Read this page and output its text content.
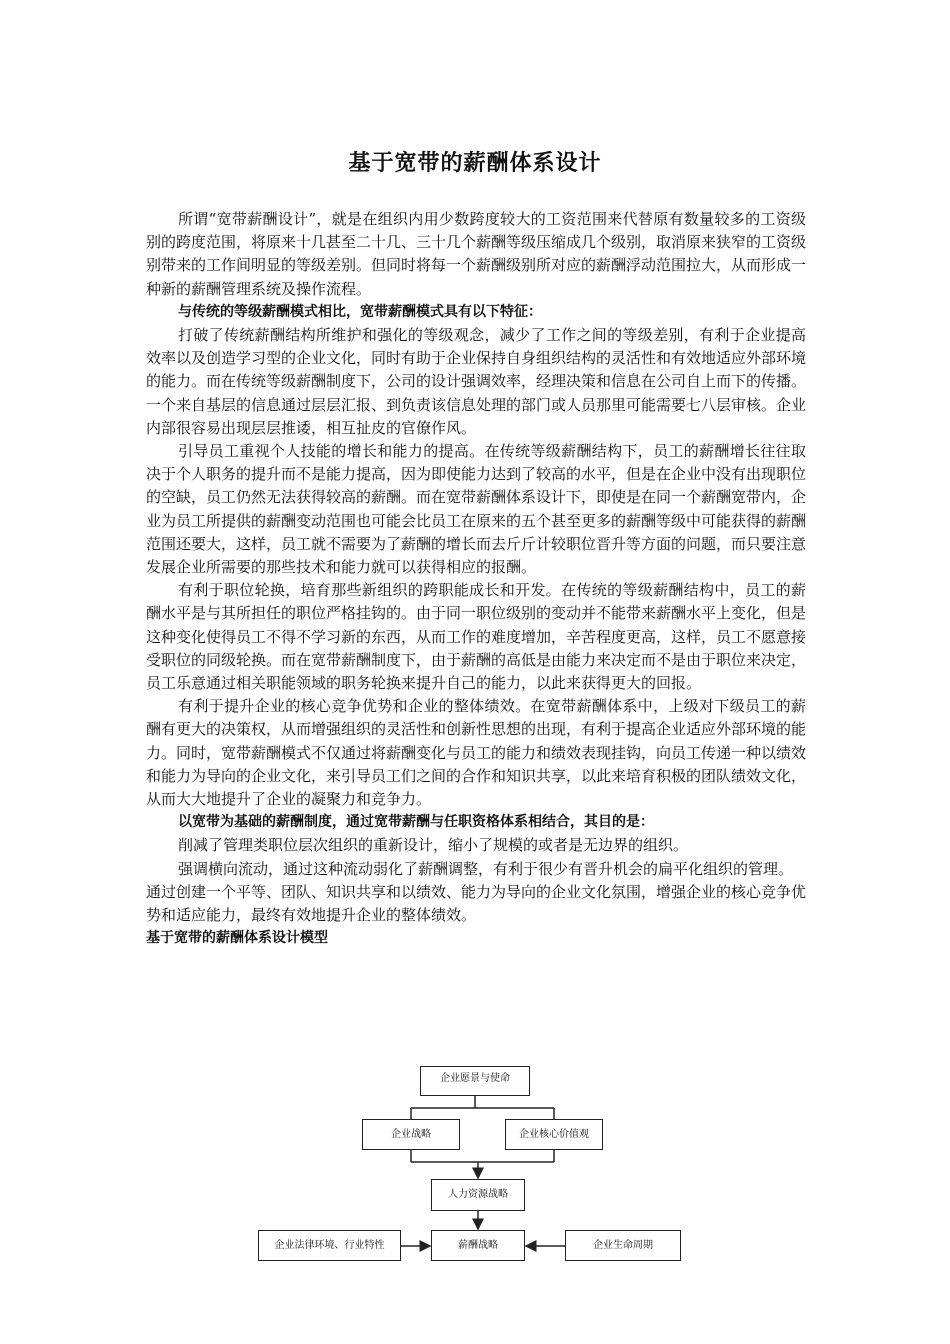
基于宽带的薪酬体系设计

所谓“宽带薪酬设计”，就是在组织内用少数跨度较大的工资范围来代替原有数量较多的工资级别的跨度范围，将原来十几甚至二十几、三十几个薪酬等级压缩成几个级别，取消原来狭窄的工资级别带来的工作间明显的等级差别。但同时将每一个薪酬级别所对应的薪酬浮动范围拉大，从而形成一种新的薪酬管理系统及操作流程。

与传统的等级薪酬模式相比，宽带薪酬模式具有以下特征：

打破了传统薪酬结构所维护和强化的等级观念，减少了工作之间的等级差别，有利于企业提高效率以及创造学习型的企业文化，同时有助于企业保持自身组织结构的灵活性和有效地适应外部环境的能力。而在传统等级薪酬制度下，公司的设计强调效率，经理决策和信息在公司自上而下的传播。一个来自基层的信息通过层层汇报、到负责该信息处理的部门或人员那里可能需要七八层审核。企业内部很容易出现层层推诿，相互扯皮的官僚作风。

引导员工重视个人技能的增长和能力的提高。在传统等级薪酬结构下，员工的薪酬增长往往取决于个人职务的提升而不是能力提高，因为即使能力达到了较高的水平，但是在企业中没有出现职位的空缺，员工仍然无法获得较高的薪酬。而在宽带薪酬体系设计下，即使是在同一个薪酬宽带内，企业为员工所提供的薪酬变动范围也可能会比员工在原来的五个甚至更多的薪酬等级中可能获得的薪酬范围还要大，这样，员工就不需要为了薪酬的增长而去斤斤计较职位晋升等方面的问题，而只要注意发展企业所需要的那些技术和能力就可以获得相应的报酬。

有利于职位轮换，培育那些新组织的跨职能成长和开发。在传统的等级薪酬结构中，员工的薪酬水平是与其所担任的职位严格挂钩的。由于同一职位级别的变动并不能带来薪酬水平上变化，但是这种变化使得员工不得不学习新的东西，从而工作的难度增加，辛苦程度更高，这样，员工不愿意接受职位的同级轮换。而在宽带薪酬制度下，由于薪酬的高低是由能力来决定而不是由于职位来决定，员工乐意通过相关职能领域的职务轮换来提升自己的能力，以此来获得更大的回报。

有利于提升企业的核心竞争优势和企业的整体绩效。在宽带薪酬体系中，上级对下级员工的薪酬有更大的决策权，从而增强组织的灵活性和创新性思想的出现，有利于提高企业适应外部环境的能力。同时，宽带薪酬模式不仅通过将薪酬变化与员工的能力和绩效表现挂钩，向员工传递一种以绩效和能力为导向的企业文化，来引导员工们之间的合作和知识共享，以此来培育积极的团队绩效文化，从而大大地提升了企业的凝聚力和竞争力。

以宽带为基础的薪酬制度，通过宽带薪酬与任职资格体系相结合，其目的是：

削减了管理类职位层次组织的重新设计，缩小了规模的或者是无边界的组织。

强调横向流动，通过这种流动弱化了薪酬调整，有利于很少有晋升机会的扁平化组织的管理。

通过创建一个平等、团队、知识共享和以绩效、能力为导向的企业文化氛围，增强企业的核心竞争优势和适应能力，最终有效地提升企业的整体绩效。

基于宽带的薪酬体系设计模型

企业愿景与使命
企业战略	企业核心价值观
人力资源战略
企业法律环境、行业特性	薪酬战略	企业生命周期
